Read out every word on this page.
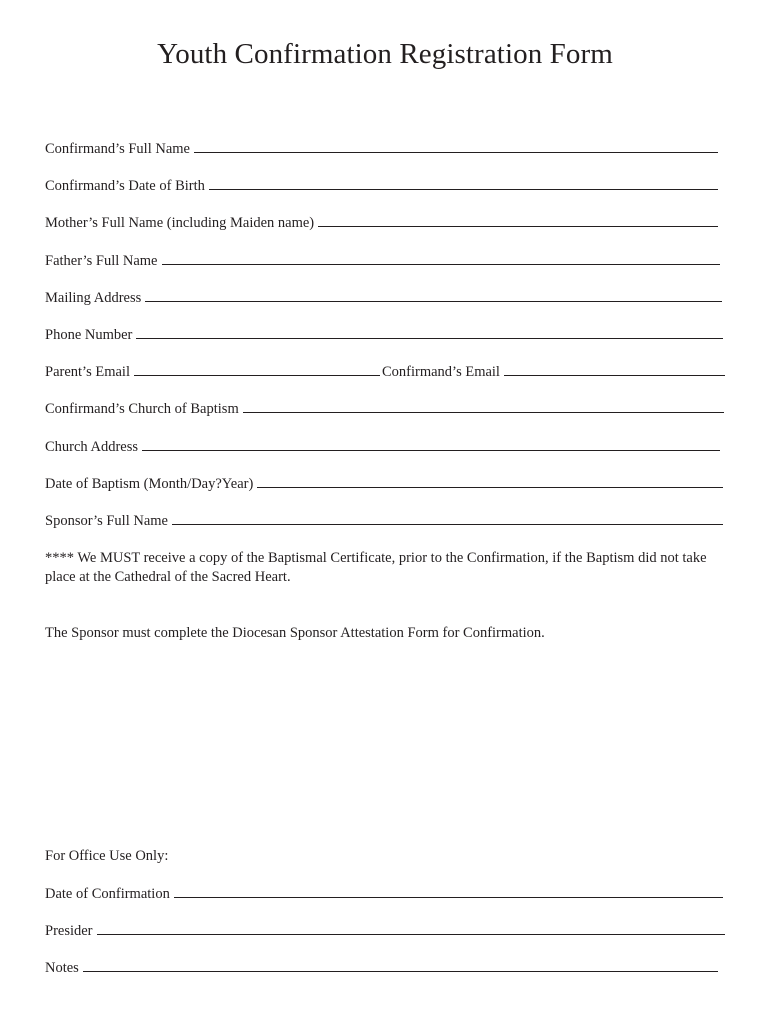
Youth Confirmation Registration Form
Confirmand’s Full Name
Confirmand’s Date of Birth
Mother’s Full Name (including Maiden name)
Father’s Full Name
Mailing Address
Phone Number
Parent’s Email	Confirmand’s Email
Confirmand’s Church of Baptism
Church Address
Date of Baptism (Month/Day?Year)
Sponsor’s Full Name
**** We MUST receive a copy of the Baptismal Certificate, prior to the Confirmation, if the Baptism did not take place at the Cathedral of the Sacred Heart.
The Sponsor must complete the Diocesan Sponsor Attestation Form for Confirmation.
For Office Use Only:
Date of Confirmation
Presider
Notes
